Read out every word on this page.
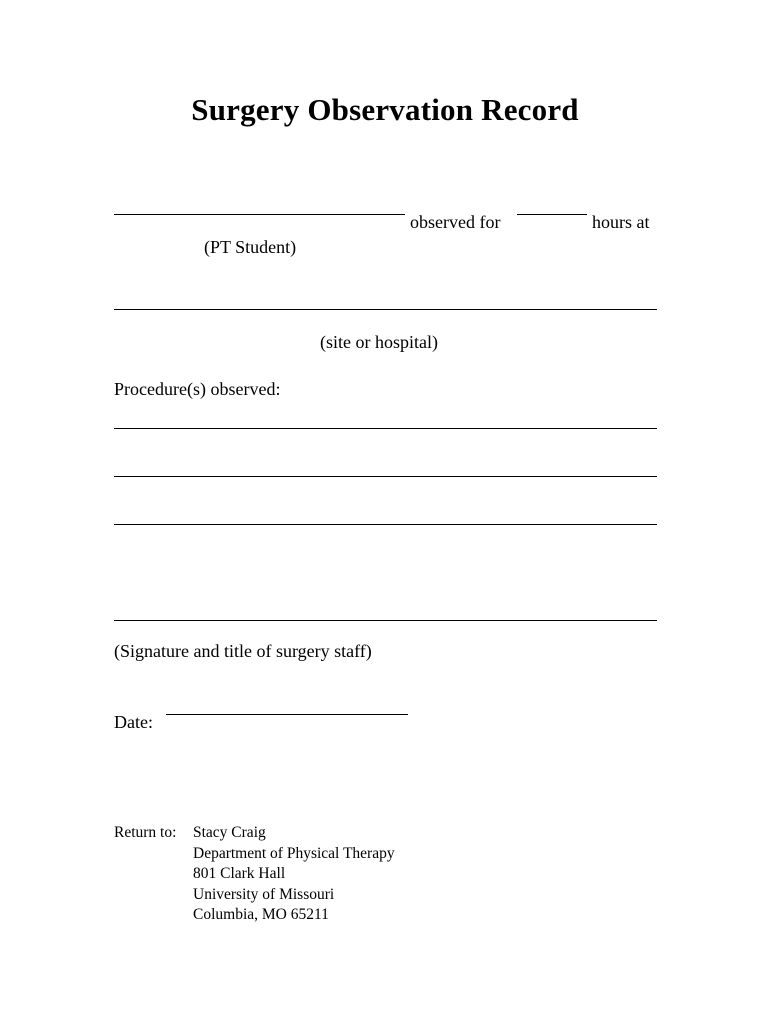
Surgery Observation Record
observed for	hours at
(PT Student)
(site or hospital)
Procedure(s) observed:
(Signature and title of surgery staff)
Date:
Return to: Stacy Craig
Department of Physical Therapy
801 Clark Hall
University of Missouri
Columbia, MO 65211
